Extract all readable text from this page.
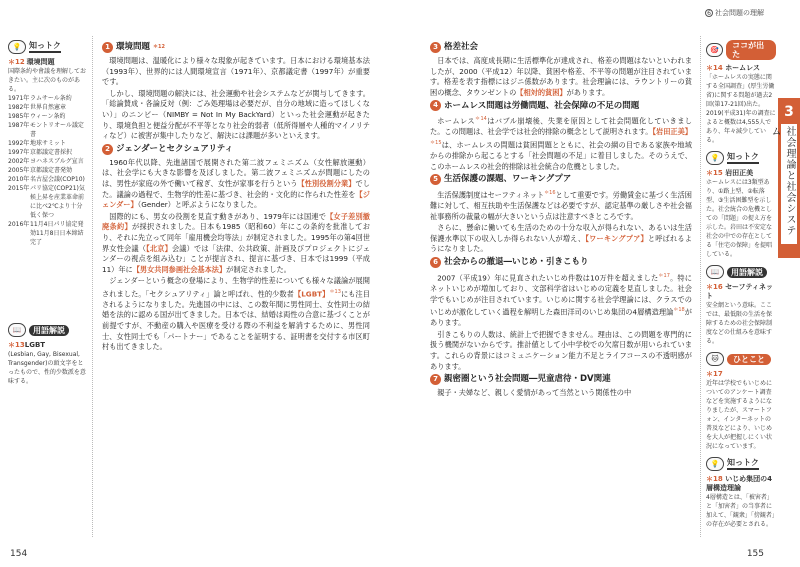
💡 知っトク
＊12 環境問題
国際条約や會議を理解しておきたい。主に次のものがある。
1971年 ラムサール条約
1982年 世界自然憲章
1985年 ウィーン条約
1987年 モントリオール議定書
1992年 地球サミット
1997年 京都議定書採択
2002年 ヨハネスブルグ宣言
2005年 京都議定書発効
2010年 名古屋会議(COP10)
2015年 パリ協定(COP21)気候上昇を産業革命前に比べ2℃より十分低く保つ
2016年 11月4日パリ協定発効11月8日日本締結完了
📖	用語解説
＊13LGBT
(Lesbian, Gay, Bisexual, Transgender)の頭文字をとったもので、性的少数派を意味する。
1 環境問題 ＊12

環境問題は、温暖化により様々な現象が起きています。日本における環境基本法（1993年）、世界的には人間環境宣言（1971年）、京都議定書（1997年）が重要です。

しかし、環境問題の解決には、社会運動や社会システムなどが関与してきます。「総論賛成・各論反対（例：ごみ処理場は必要だが、自分の地域に造ってほしくない）」のニンビー（NIMBY = Not In My BackYard）といった社会運動が起きたり、環境負担と便益分配が不平等となり社会的弱者（低所得層や人種的マイノリティなど）に被害が集中したりなど、解決には課題が多いといえます。

2 ジェンダーとセクシュアリティ

1960年代以降、先進諸国で展開された第二波フェミニズム（女性解放運動）は、社会学にも大きな影響を及ぼしました。第二波フェミニズムが問題にしたのは、男性が家庭の外で働いて稼ぎ、女性が家事を行うという【性別役割分業】でした。議論の過程で、生物学的性差に基づき、社会的・文化的に作られた性差を【ジェンダー】（Gender）と呼ぶようになりました。

国際的にも、男女の役割を見直す動きがあり、1979年には国連で【女子差別撤廃条約】が採択されました。日本も1985（昭和60）年にこの条約を批准しており、それに先立って同年「雇用機会均等法」が制定されました。1995年の第4回世界女性会議（【北京】会議）では「法律、公共政策、計画及びプロジェクトにジェンダーの視点を組み込む」ことが提言され、提言に基づき、日本では1999（平成11）年に【男女共同参画社会基本法】が制定されました。

ジェンダーという概念の登場により、生物学的性差についても様々な議論が展開されました。「セクシュアリティ」論と呼ばれ、性的少数者【LGBT】$^{*13}$にも注目されるようになりました。先進国の中には、この数年間に男性同士、女性同士の結婚を法的に認める国が出てきました。日本では、結婚は両性の合意に基づくことが前提ですが、不動産の購入や医療を受ける際の不利益を解消するために、男性同士、女性同士でも「パートナー」であることを証明する、証明書を交付する市区町村も出てきました。

154
6 社会問題の理解
3 格差社会

日本では、高度成長期に生活標準化が達成され、格差の問題はないといわれましたが、2000（平成12）年以降、貧困や格差、不平等の問題が注目されています。格差を表す指標にはジニ係数があります。社会理論には、ラウントリーの貧困の概念、タウンゼントの【相対的貧困】があります。

4 ホームレス問題は労働問題、社会保障の不足の問題

ホームレス$^{*14}$はバブル崩壊後、失業を原因として社会問題化していきました。この問題は、社会学では社会的排除の概念として説明されます。【岩田正美】$^{*15}$は、ホームレスの問題は貧困問題とともに、社会の網の目である家族や地域からの排除から起こるとする「社会問題の不足」に着目しました。そのうえで、このホームレスの社会的排除は社会統合の危機としました。

5 生活保護の課題、ワーキングプア

生活保護制度はセーフティネット$^{*16}$として重要です。労働賃金に基づく生活困難に対して、相互扶助や生活保護などは必要ですが、認定基準の厳しさや社会福祉事務所の裁量の幅が大きいという点は注意すべきところです。

さらに、懸命に働いても生活のための十分な収入が得られない、あるいは生活保護水準以下の収入しか得られない人が増え、【ワーキングプア】と呼ばれるようになりました。

6 社会からの撤退―いじめ・引きこもり

2007（平成19）年に見直されたいじめ件数は10万件を超えました$^{*17}$。特にネットいじめが増加しており、文部科学省はいじめの定義を見直しました。社会学でもいじめが注目されています。いじめに関する社会学理論には、クラスでのいじめが激化していく過程を解明した森田洋司のいじめ集団の4層構造理論$^{*18}$があります。

引きこもりの人数は、統計上で把握できません。理由は、この問題を専門的に扱う機関がないからです。推計値として小中学校での欠席日数が用いられています。これらの背景にはコミュニケーション能力不足とライフコースの不透明感があります。

7 親密圏という社会問題―児童虐待・DV関連

親子・夫婦など、親しく愛情があって当然という関係性の中

🎯	ココが出た
＊14 ホームレス
「ホームレスの実態に関する全国調査」(厚生労働省)に関する問題が過去2回(第17-21回)出た。2019(平成31)年の調査によると概数は4,555人であり、年々減少している。
💡 知っトク
＊15 岩田正美
ホームレスには3類型あり、①路上型、②転落型、③生活困難型を示した。社会統合の危機としての「問題」の捉え方を示した。岩田は不安定な社会の中での存在としてる「住宅の保障」を提唱している。
📖	用語解説
＊16 セーフティネット
安全網という意味。ここでは、最低限の生活を保障するための社会保障制度などの仕組みを意味する。
🐱	ひとこと
＊17
近年は学校でもいじめについてのアンケート調査などを実施するようになりましたが、スマートフォン、インターネットの普及などにより、いじめを大人が把握しにくい状況になっています。
💡 知っトク
＊18 いじめ集団の4層構造理論
4層構造とは、「被害者」と「加害者」の当事者に加えて、「観衆」「傍観者」の存在が必要とされる。
3
社会理論と社会システム
155
